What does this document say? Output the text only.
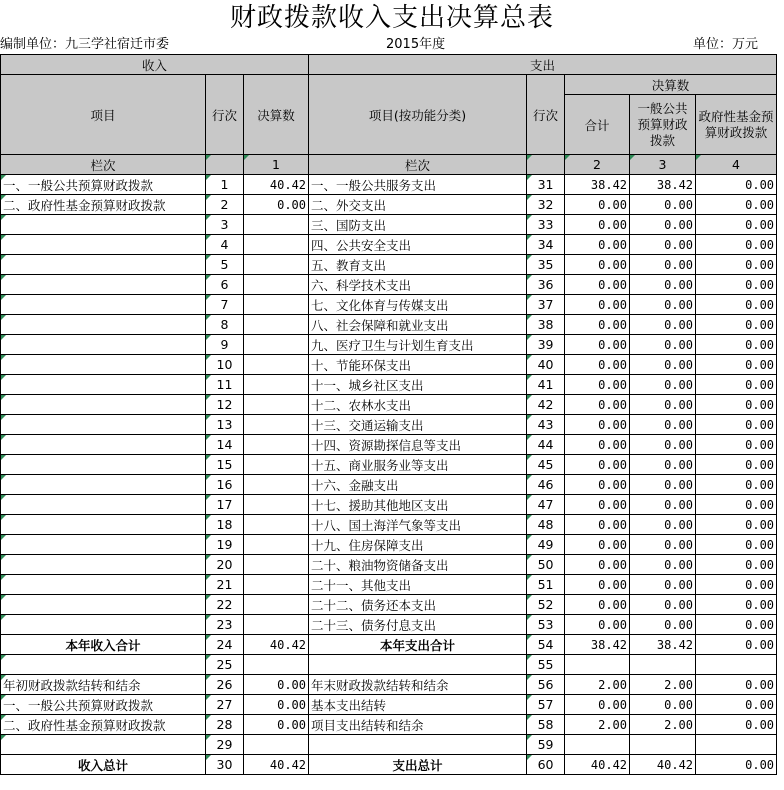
财政拨款收入支出决算总表
编制单位：九三学社宿迁市委	2015年度	单位：万元
收入			支出				
项目	行次	决算数	项目(按功能分类)	行次	决算数		
					合计	一般公共预算财政拨款	政府性基金预算财政拨款
栏次		1	栏次		2	3	4
一、一般公共预算财政拨款	1	40.42	一、一般公共服务支出	31	38.42	38.42	0.00
二、政府性基金预算财政拨款	2	0.00	二、外交支出	32	0.00	0.00	0.00
	3		三、国防支出	33	0.00	0.00	0.00
	4		四、公共安全支出	34	0.00	0.00	0.00
	5		五、教育支出	35	0.00	0.00	0.00
	6		六、科学技术支出	36	0.00	0.00	0.00
	7		七、文化体育与传媒支出	37	0.00	0.00	0.00
	8		八、社会保障和就业支出	38	0.00	0.00	0.00
	9		九、医疗卫生与计划生育支出	39	0.00	0.00	0.00
	10		十、节能环保支出	40	0.00	0.00	0.00
	11		十一、城乡社区支出	41	0.00	0.00	0.00
	12		十二、农林水支出	42	0.00	0.00	0.00
	13		十三、交通运输支出	43	0.00	0.00	0.00
	14		十四、资源勘探信息等支出	44	0.00	0.00	0.00
	15		十五、商业服务业等支出	45	0.00	0.00	0.00
	16		十六、金融支出	46	0.00	0.00	0.00
	17		十七、援助其他地区支出	47	0.00	0.00	0.00
	18		十八、国土海洋气象等支出	48	0.00	0.00	0.00
	19		十九、住房保障支出	49	0.00	0.00	0.00
	20		二十、粮油物资储备支出	50	0.00	0.00	0.00
	21		二十一、其他支出	51	0.00	0.00	0.00
	22		二十二、债务还本支出	52	0.00	0.00	0.00
	23		二十三、债务付息支出	53	0.00	0.00	0.00
本年收入合计	24	40.42	本年支出合计	54	38.42	38.42	0.00
	25			55			
年初财政拨款结转和结余	26	0.00	年末财政拨款结转和结余	56	2.00	2.00	0.00
一、一般公共预算财政拨款	27	0.00	基本支出结转	57	0.00	0.00	0.00
二、政府性基金预算财政拨款	28	0.00	项目支出结转和结余	58	2.00	2.00	0.00
	29			59			
收入总计	30	40.42	支出总计	60	40.42	40.42	0.00
